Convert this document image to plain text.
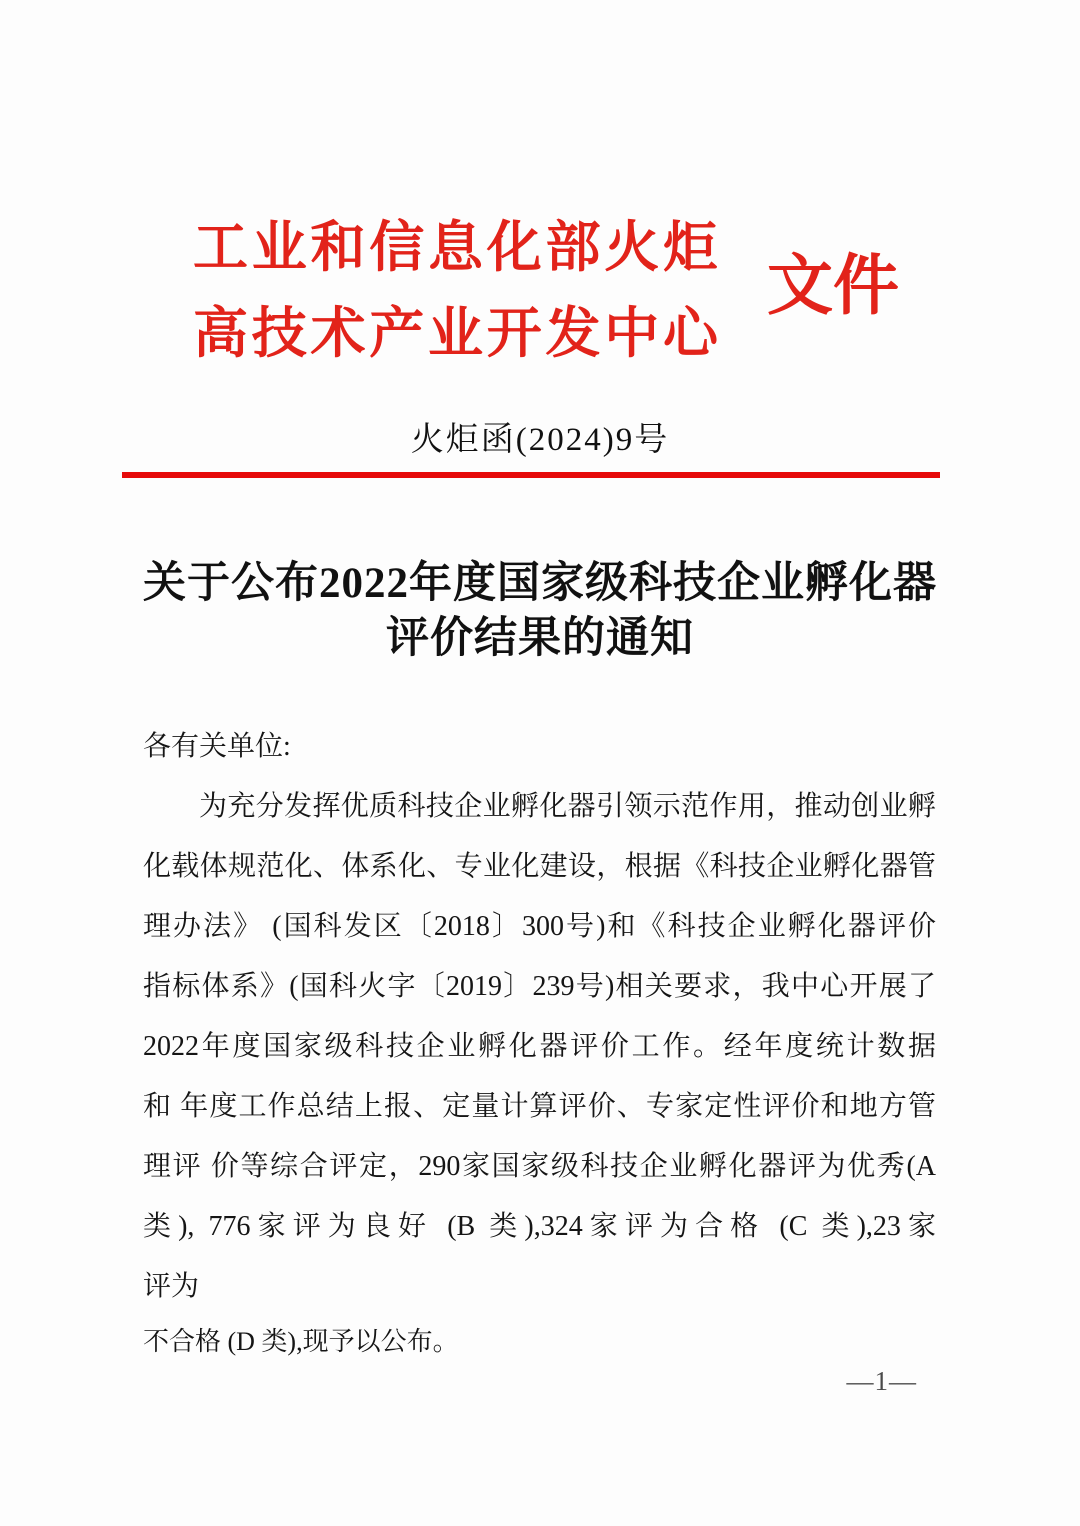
工业和信息化部火炬
高技术产业开发中心
文件
火炬函(2024)9号
关于公布2022年度国家级科技企业孵化器
评价结果的通知
各有关单位:
为充分发挥优质科技企业孵化器引领示范作用，推动创业孵
化载体规范化、体系化、专业化建设，根据《科技企业孵化器管
理办法》 (国科发区〔2018〕300号)和《科技企业孵化器评价
指标体系》(国科火字〔2019〕239号)相关要求，我中心开展了
2022年度国家级科技企业孵化器评价工作。经年度统计数据
和 年度工作总结上报、定量计算评价、专家定性评价和地方管
理评 价等综合评定，290家国家级科技企业孵化器评为优秀(A
类), 776家评为良好 (B 类),324家评为合格 (C 类),23家
评为
不合格 (D 类),现予以公布。
—1—
